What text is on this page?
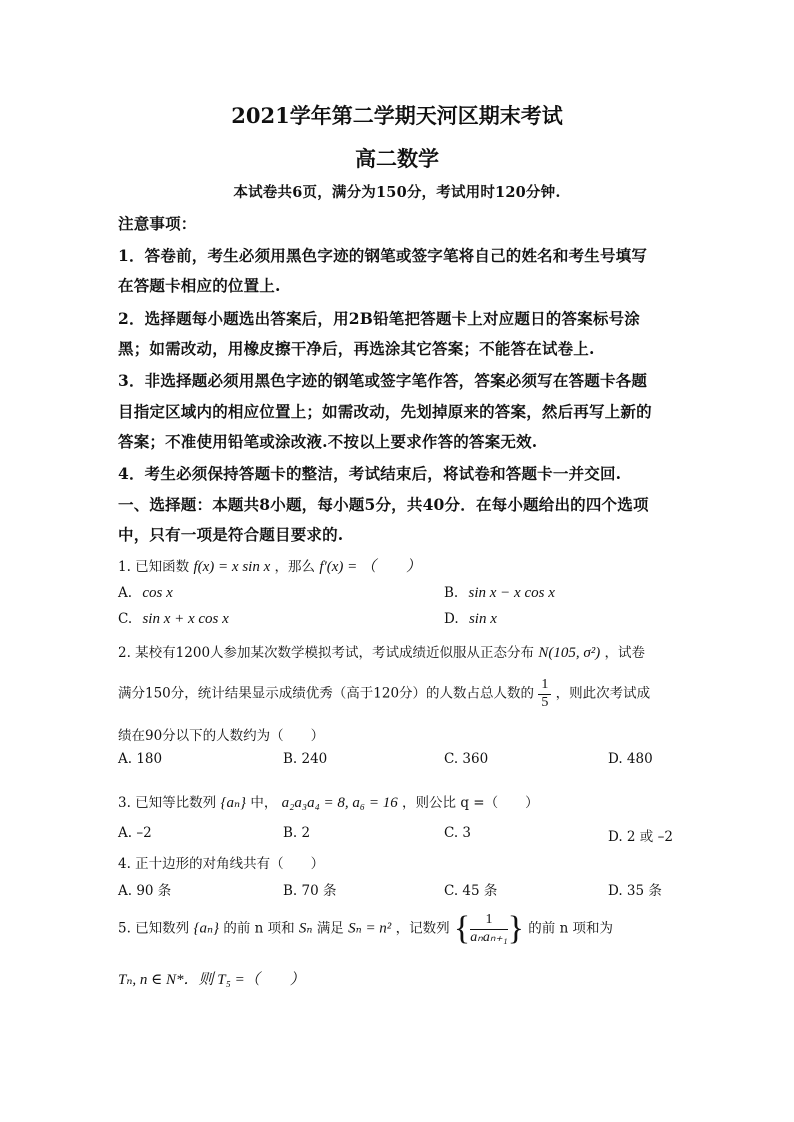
2021学年第二学期天河区期末考试
高二数学
本试卷共6页，满分为150分，考试用时120分钟.
注意事项：
1．答卷前，考生必须用黑色字迹的钢笔或签字笔将自己的姓名和考生号填写
在答题卡相应的位置上.
2．选择题每小题选出答案后，用2B铅笔把答题卡上对应题日的答案标号涂
黑；如需改动，用橡皮擦干净后，再选涂其它答案；不能答在试卷上.
3．非选择题必须用黑色字迹的钢笔或签字笔作答，答案必须写在答题卡各题
目指定区域内的相应位置上；如需改动，先划掉原来的答案，然后再写上新的
答案；不准使用铅笔或涂改液.不按以上要求作答的答案无效.
4．考生必须保持答题卡的整洁，考试结束后，将试卷和答题卡一并交回.
一、选择题：本题共8小题，每小题5分，共40分．在每小题给出的四个选项
中，只有一项是符合题目要求的.
1. 已知函数 f(x) = x sin x ，那么 f′(x) = （　　）
A. cos x	B. sin x − x cos x
C. sin x + x cos x	D. sin x
2. 某校有1200人参加某次数学模拟考试，考试成绩近似服从正态分布 N(105, σ²) ，试卷
满分150分，统计结果显示成绩优秀（高于120分）的人数占总人数的 $\frac{1}{5}$ ，则此次考试成
绩在90分以下的人数约为（　　）
A. 180	B. 240	C. 360	D. 480
3. 已知等比数列 {aₙ} 中， a₂a₃a₄ = 8, a₆ = 16 ，则公比 q =（　　）
A. –2	B. 2	C. 3	D. 2 或 –2
4. 正十边形的对角线共有（　　）
A. 90 条	B. 70 条	C. 45 条	D. 35 条
5. 已知数列 {aₙ} 的前 n 项和 Sₙ 满足 Sₙ = n² ，记数列 { $\frac{1}{\text{aₙaₙ₊₁}}$ } 的前 n 项和为
Tₙ, n ∈ N*．则 T₅ =（　　）
